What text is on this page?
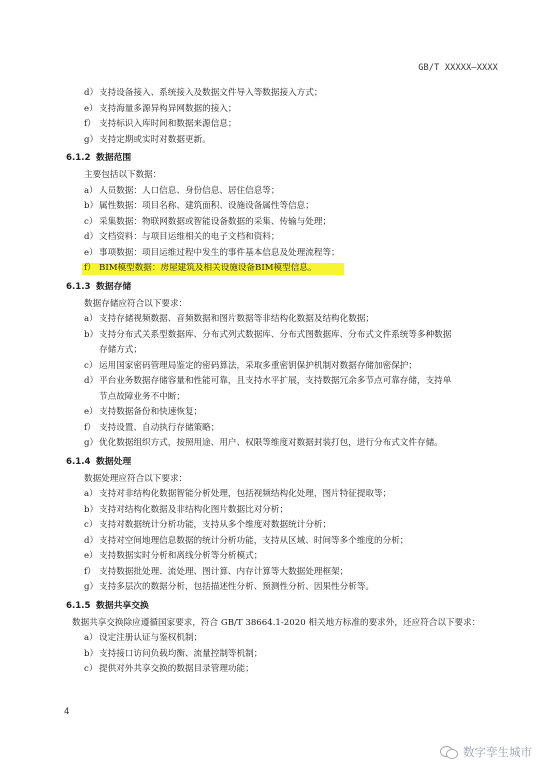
GB/T XXXXX—XXXX
d） 支持设备接入、系统接入及数据文件导入等数据接入方式；
e） 支持海量多源异构异网数据的接入；
f） 支持标识入库时间和数据来源信息；
g） 支持定期或实时对数据更新。
6.1.2 数据范围
主要包括以下数据：
a） 人员数据：人口信息、身份信息、居住信息等；
b） 属性数据：项目名称、建筑面积、设施设备属性等信息；
c） 采集数据：物联网数据或智能设备数据的采集、传输与处理；
d） 文档资料：与项目运维相关的电子文档和资料；
e） 事项数据：项目运维过程中发生的事件基本信息及处理流程等；
f） BIM模型数据：房屋建筑及相关设施设备BIM模型信息。
6.1.3 数据存储
数据存储应符合以下要求：
a） 支持存储视频数据、音频数据和图片数据等非结构化数据及结构化数据；
b） 支持分布式关系型数据库、分布式列式数据库、分布式图数据库、分布式文件系统等多种数据
存储方式；
c） 运用国家密码管理局鉴定的密码算法，采取多重密钥保护机制对数据存储加密保护；
d） 平台业务数据存储容量和性能可靠，且支持水平扩展，支持数据冗余多节点可靠存储，支持单
节点故障业务不中断；
e） 支持数据备份和快速恢复；
f） 支持设置、自动执行存储策略；
g） 优化数据组织方式，按照用途、用户、权限等维度对数据封装打包，进行分布式文件存储。
6.1.4 数据处理
数据处理应符合以下要求：
a） 支持对非结构化数据智能分析处理，包括视频结构化处理，图片特征提取等；
b） 支持对结构化数据及非结构化图片数据比对分析；
c） 支持对数据统计分析功能，支持从多个维度对数据统计分析；
d） 支持对空间地理信息数据的统计分析功能，支持从区域、时间等多个维度的分析；
e） 支持数据实时分析和离线分析等分析模式；
f） 支持数据批处理、流处理、图计算、内存计算等大数据处理框架；
g） 支持多层次的数据分析，包括描述性分析、预测性分析、因果性分析等。
6.1.5 数据共享交换
数据共享交换除应遵循国家要求，符合 GB/T 38664.1-2020 相关地方标准的要求外，还应符合以下要求：
a） 设定注册认证与鉴权机制；
b） 支持接口访问负载均衡、流量控制等机制；
c） 提供对外共享交换的数据目录管理功能；
4
数字孪生城市
